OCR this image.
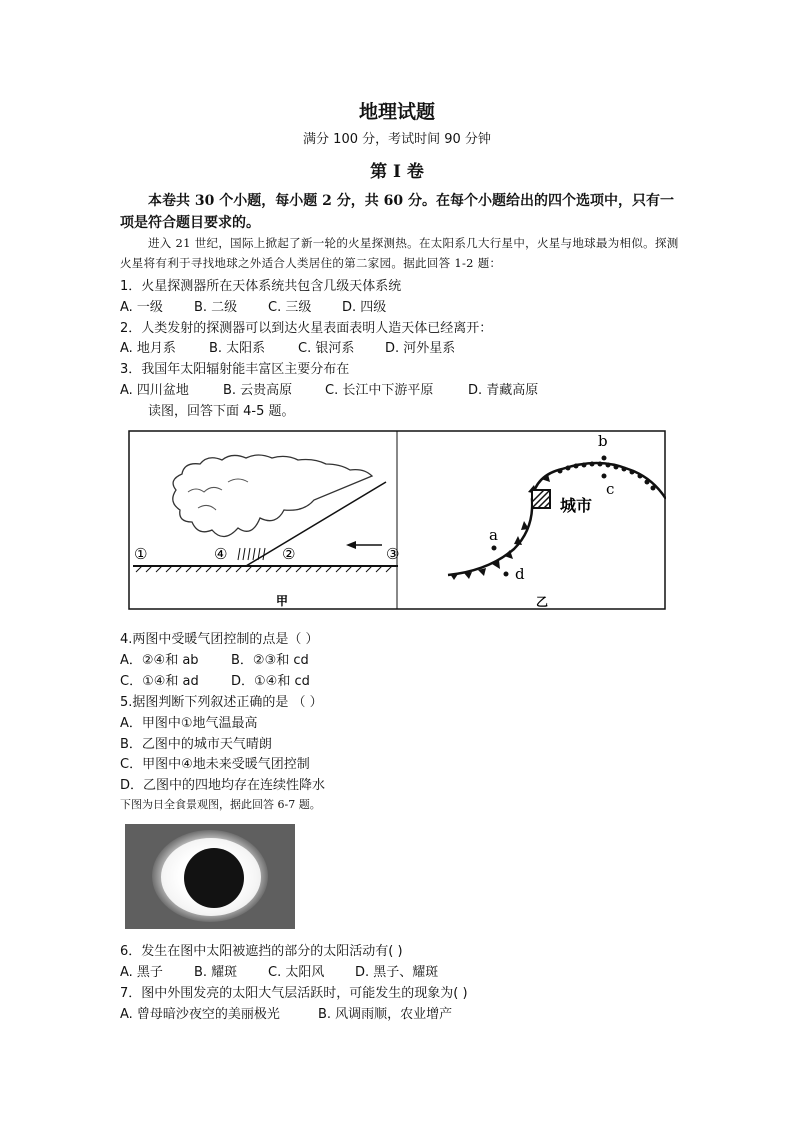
地理试题
满分 100 分，考试时间 90 分钟
第 I 卷
本卷共 30 个小题，每小题 2 分，共 60 分。在每个小题给出的四个选项中，只有一项是符合题目要求的。
进入 21 世纪，国际上掀起了新一轮的火星探测热。在太阳系几大行星中，火星与地球最为相似。探测火星将有利于寻找地球之外适合人类居住的第二家园。据此回答 1-2 题：
1．火星探测器所在天体系统共包含几级天体系统
A. 一级 B. 二级 C. 三级 D. 四级
2．人类发射的探测器可以到达火星表面表明人造天体已经离开：
A. 地月系	B. 太阳系	C. 银河系 D. 河外星系
3．我国年太阳辐射能丰富区主要分布在
A. 四川盆地	B. 云贵高原	C. 长江中下游平原	D. 青藏高原
读图，回答下面 4-5 题。
①	④	②	③
甲
城市
b
c
a
d
乙
4.两图中受暖气团控制的点是（ ）
A．②④和 ab B．②③和 cd
C．①④和 ad D．①④和 cd
5.据图判断下列叙述正确的是 （ ）
A．甲图中①地气温最高
B．乙图中的城市天气晴朗
C．甲图中④地未来受暖气团控制
D．乙图中的四地均存在连续性降水
下图为日全食景观图，据此回答 6-7 题。
6．发生在图中太阳被遮挡的部分的太阳活动有( )
A. 黑子 B. 耀斑 C. 太阳风 D. 黑子、耀斑
7．图中外围发亮的太阳大气层活跃时，可能发生的现象为( )
A. 曾母暗沙夜空的美丽极光	B. 风调雨顺，农业增产
